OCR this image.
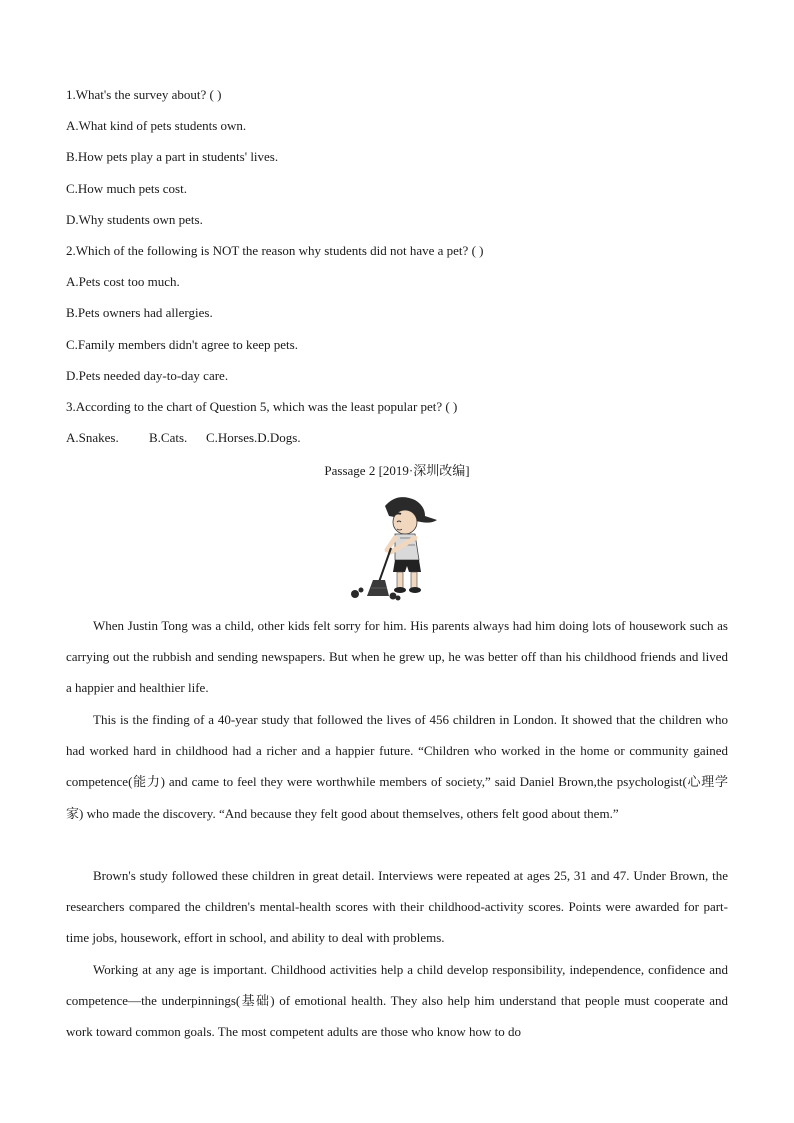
1.What's the survey about? ( )
A.What kind of pets students own.
B.How pets play a part in students' lives.
C.How much pets cost.
D.Why students own pets.
2.Which of the following is NOT the reason why students did not have a pet? ( )
A.Pets cost too much.
B.Pets owners had allergies.
C.Family members didn't agree to keep pets.
D.Pets needed day-to-day care.
3.According to the chart of Question 5, which was the least popular pet? ( )
A.Snakes. B.Cats. C.Horses.D.Dogs.
Passage 2 [2019·深圳改编]

When Justin Tong was a child, other kids felt sorry for him. His parents always had him doing lots of housework such as carrying out the rubbish and sending newspapers. But when he grew up, he was better off than his childhood friends and lived a happier and healthier life.

This is the finding of a 40-year study that followed the lives of 456 children in London. It showed that the children who had worked hard in childhood had a richer and a happier future. “Children who worked in the home or community gained competence(能力) and came to feel they were worthwhile members of society,” said Daniel Brown,the psychologist(心理学家) who made the discovery. “And because they felt good about themselves, others felt good about them.”

Brown's study followed these children in great detail. Interviews were repeated at ages 25, 31 and 47. Under Brown, the researchers compared the children's mental-health scores with their childhood-activity scores. Points were awarded for part-time jobs, housework, effort in school, and ability to deal with problems.

Working at any age is important. Childhood activities help a child develop responsibility, independence, confidence and competence—the underpinnings(基础) of emotional health. They also help him understand that people must cooperate and work toward common goals. The most competent adults are those who know how to do
